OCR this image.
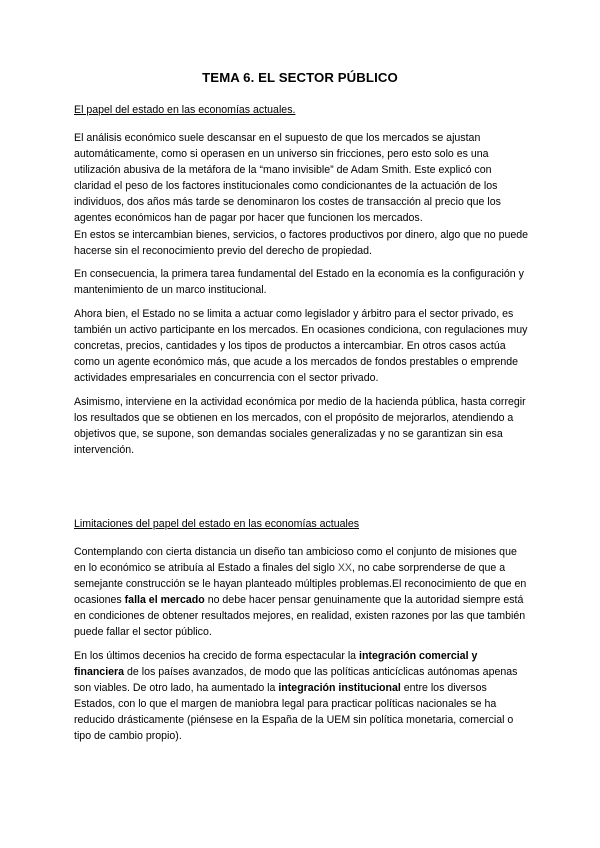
TEMA 6. EL SECTOR PÚBLICO
El papel del estado en las economías actuales.

El análisis económico suele descansar en el supuesto de que los mercados se ajustan automáticamente, como si operasen en un universo sin fricciones, pero esto solo es una utilización abusiva de la metáfora de la “mano invisible” de Adam Smith. Este explicó con claridad el peso de los factores institucionales como condicionantes de la actuación de los individuos, dos años más tarde se denominaron los costes de transacción al precio que los agentes económicos han de pagar por hacer que funcionen los mercados.

En estos se intercambian bienes, servicios, o factores productivos por dinero, algo que no puede hacerse sin el reconocimiento previo del derecho de propiedad.

En consecuencia, la primera tarea fundamental del Estado en la economía es la configuración y mantenimiento de un marco institucional.

Ahora bien, el Estado no se limita a actuar como legislador y árbitro para el sector privado, es también un activo participante en los mercados. En ocasiones condiciona, con regulaciones muy concretas, precios, cantidades y los tipos de productos a intercambiar. En otros casos actúa como un agente económico más, que acude a los mercados de fondos prestables o emprende actividades empresariales en concurrencia con el sector privado.

Asimismo, interviene en la actividad económica por medio de la hacienda pública, hasta corregir los resultados que se obtienen en los mercados, con el propósito de mejorarlos, atendiendo a objetivos que, se supone, son demandas sociales generalizadas y no se garantizan sin esa intervención.

Limitaciones del papel del estado en las economías actuales

Contemplando con cierta distancia un diseño tan ambicioso como el conjunto de misiones que en lo económico se atribuía al Estado a finales del siglo XX, no cabe sorprenderse de que a semejante construcción se le hayan planteado múltiples problemas.El reconocimiento de que en ocasiones falla el mercado no debe hacer pensar genuinamente que la autoridad siempre está en condiciones de obtener resultados mejores, en realidad, existen razones por las que también puede fallar el sector público.

En los últimos decenios ha crecido de forma espectacular la integración comercial y financiera de los países avanzados, de modo que las políticas anticíclicas autónomas apenas son viables. De otro lado, ha aumentado la integración institucional entre los diversos Estados, con lo que el margen de maniobra legal para practicar políticas nacionales se ha reducido drásticamente (piénsese en la España de la UEM sin política monetaria, comercial o tipo de cambio propio).
